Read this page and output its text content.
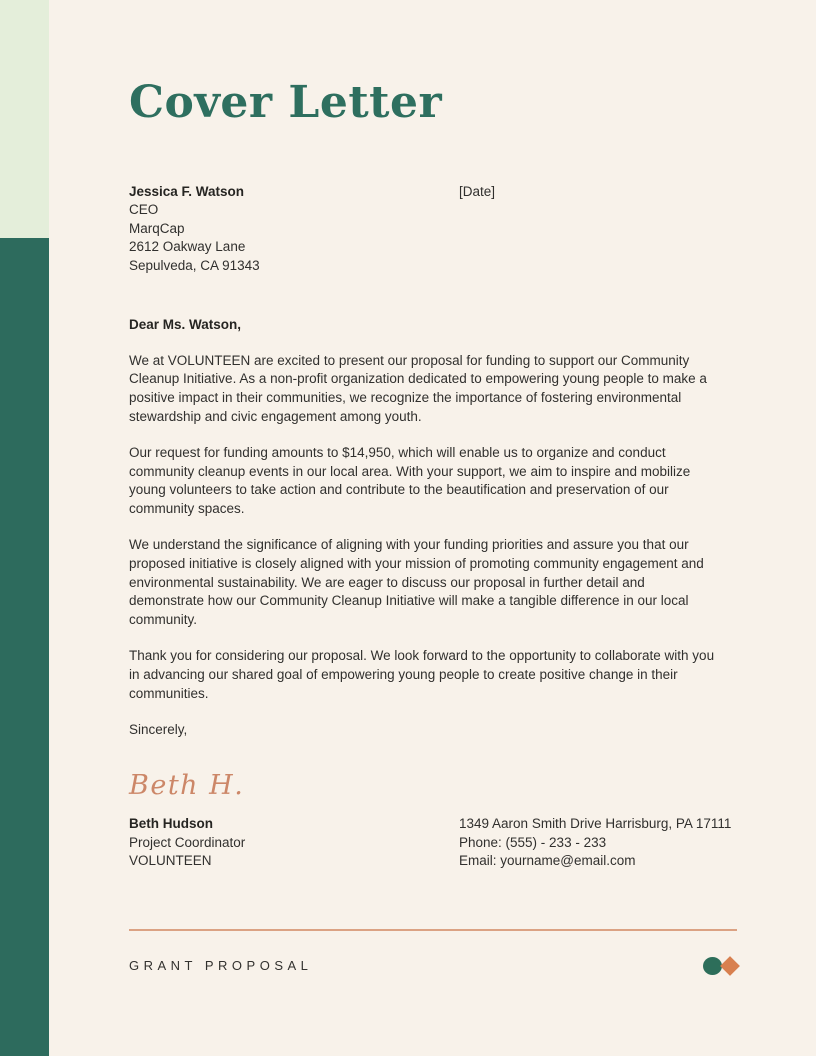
Cover Letter
Jessica F. Watson
CEO
MarqCap
2612 Oakway Lane
Sepulveda, CA 91343
[Date]
Dear Ms. Watson,

We at VOLUNTEEN are excited to present our proposal for funding to support our Community Cleanup Initiative. As a non-profit organization dedicated to empowering young people to make a positive impact in their communities, we recognize the importance of fostering environmental stewardship and civic engagement among youth.

Our request for funding amounts to $14,950, which will enable us to organize and conduct community cleanup events in our local area. With your support, we aim to inspire and mobilize young volunteers to take action and contribute to the beautification and preservation of our community spaces.

We understand the significance of aligning with your funding priorities and assure you that our proposed initiative is closely aligned with your mission of promoting community engagement and environmental sustainability. We are eager to discuss our proposal in further detail and demonstrate how our Community Cleanup Initiative will make a tangible difference in our local community.

Thank you for considering our proposal. We look forward to the opportunity to collaborate with you in advancing our shared goal of empowering young people to create positive change in their communities.

Sincerely,
Beth H.
Beth Hudson
Project Coordinator
VOLUNTEEN
1349 Aaron Smith Drive Harrisburg, PA 17111
Phone: (555) - 233 - 233
Email: yourname@email.com
GRANT PROPOSAL
